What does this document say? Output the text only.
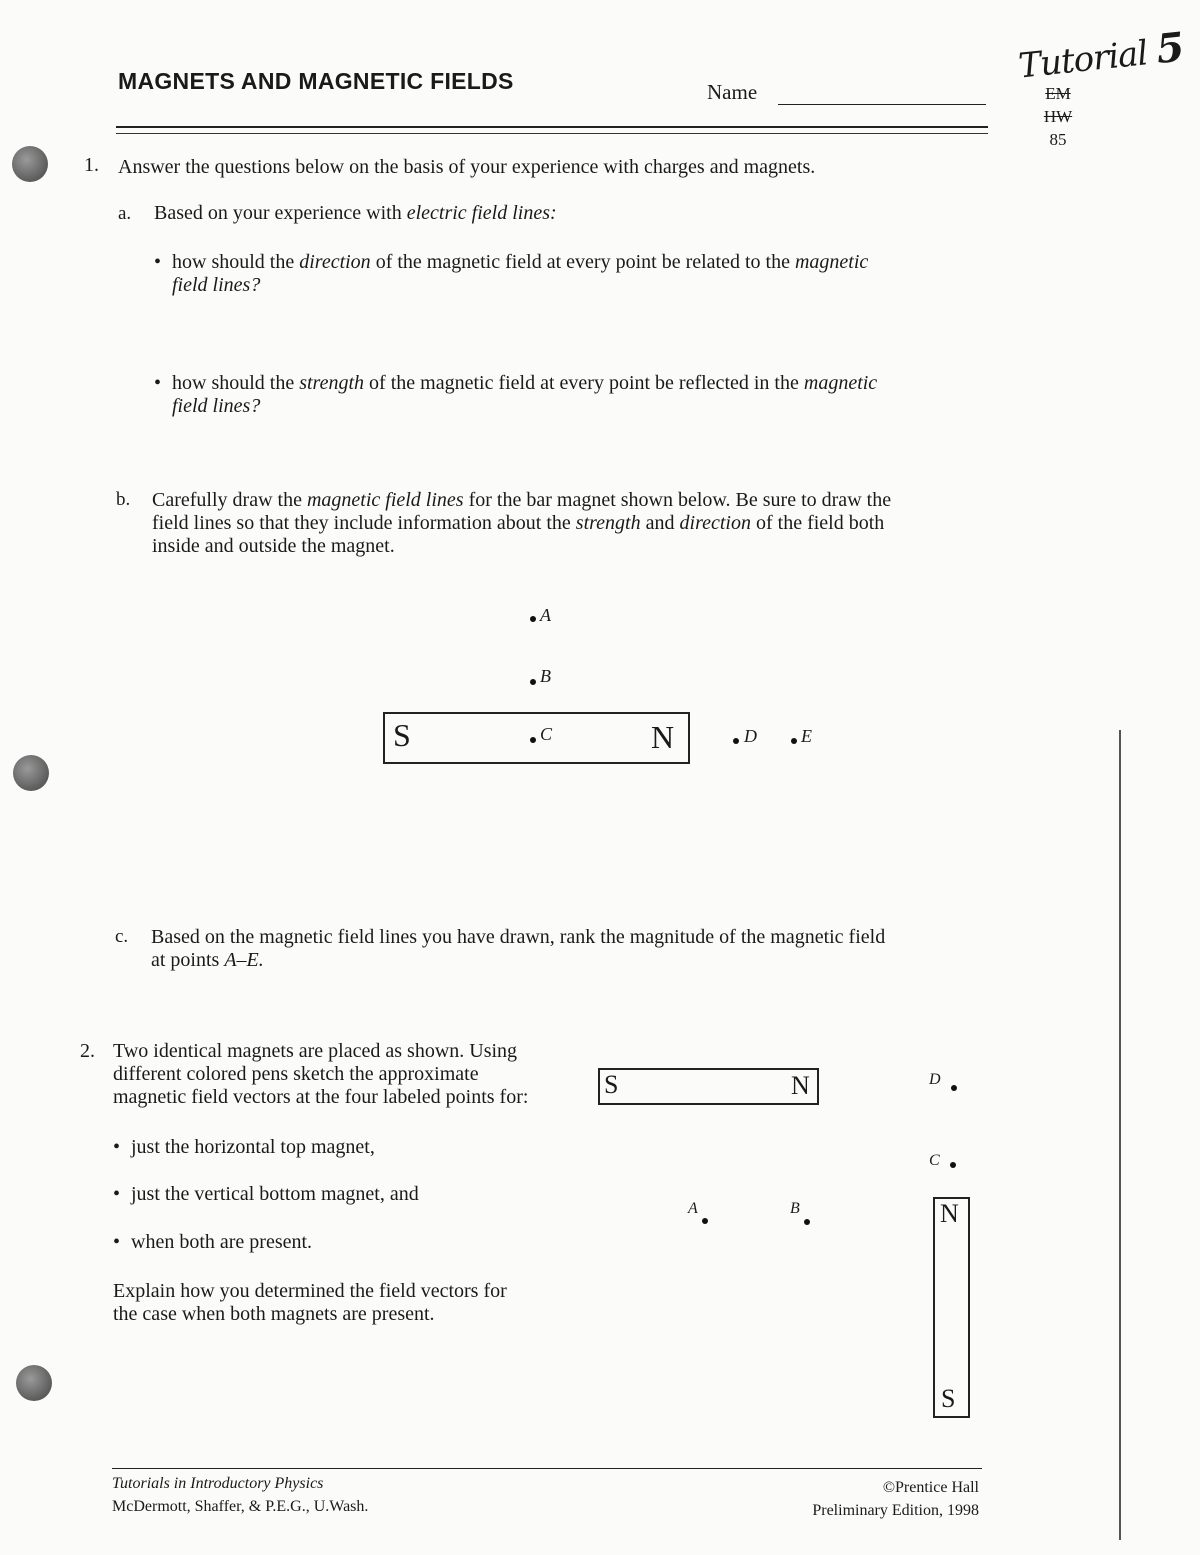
MAGNETS AND MAGNETIC FIELDS	Name
Tutorial 5
EM
HW
85
1. Answer the questions below on the basis of your experience with charges and magnets.
a. Based on your experience with electric field lines:
• how should the direction of the magnetic field at every point be related to the magnetic
field lines?
• how should the strength of the magnetic field at every point be reflected in the magnetic
field lines?
b. Carefully draw the magnetic field lines for the bar magnet shown below. Be sure to draw the
field lines so that they include information about the strength and direction of the field both
inside and outside the magnet.
A
B
S	N
C	D E
c. Based on the magnetic field lines you have drawn, rank the magnitude of the magnetic field
at points A–E.
2. Two identical magnets are placed as shown. Using
different colored pens sketch the approximate
magnetic field vectors at the four labeled points for:
• just the horizontal top magnet,
• just the vertical bottom magnet, and
• when both are present.
Explain how you determined the field vectors for
the case when both magnets are present.
S	N	D
C
A	B	N
S
Tutorials in Introductory Physics
McDermott, Shaffer, & P.E.G., U.Wash.
©Prentice Hall
Preliminary Edition, 1998
